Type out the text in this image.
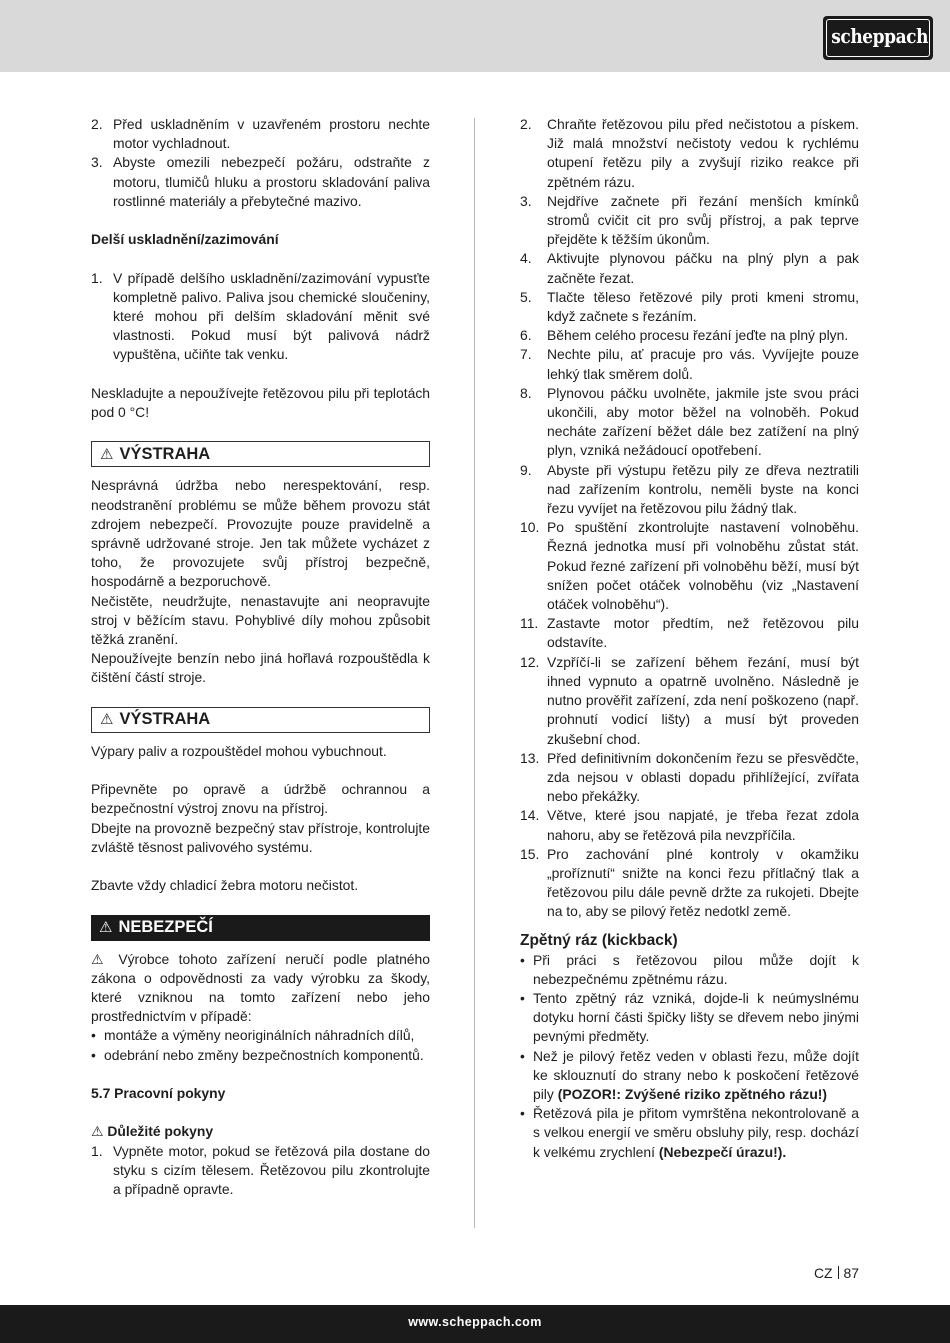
scheppach
2. Před uskladněním v uzavřeném prostoru nechte motor vychladnout.
3. Abyste omezili nebezpečí požáru, odstraňte z motoru, tlumičů hluku a prostoru skladování paliva rostlinné materiály a přebytečné mazivo.
Delší uskladnění/zazimování
1. V případě delšího uskladnění/zazimování vypusťte kompletně palivo. Paliva jsou chemické sloučeniny, které mohou při delším skladování měnit své vlastnosti. Pokud musí být palivová nádrž vypuštěna, učiňte tak venku.
Neskladujte a nepoužívejte řetězovou pilu při teplotách pod 0 °C!
⚠ VÝSTRAHA
Nesprávná údržba nebo nerespektování, resp. neodstranění problému se může během provozu stát zdrojem nebezpečí. Provozujte pouze pravidelně a správně udržované stroje. Jen tak můžete vycházet z toho, že provozujete svůj přístroj bezpečně, hospodárně a bezporuchově.
Nečistěte, neudržujte, nenastavujte ani neopravujte stroj v běžícím stavu. Pohyblivé díly mohou způsobit těžká zranění.
Nepoužívejte benzín nebo jiná hořlavá rozpouštědla k čištění částí stroje.
⚠ VÝSTRAHA
Výpary paliv a rozpouštědel mohou vybuchnout.
Připevněte po opravě a údržbě ochrannou a bezpečnostní výstroj znovu na přístroj.
Dbejte na provozně bezpečný stav přístroje, kontrolujte zvláště těsnost palivového systému.
Zbavte vždy chladicí žebra motoru nečistot.
⚠ NEBEZPEČÍ
⚠ Výrobce tohoto zařízení neručí podle platného zákona o odpovědnosti za vady výrobku za škody, které vzniknou na tomto zařízení nebo jeho prostřednictvím v případě:
• montáže a výměny neoriginálních náhradních dílů,
• odebrání nebo změny bezpečnostních komponentů.
5.7 Pracovní pokyny
⚠ Důležité pokyny
1. Vypněte motor, pokud se řetězová pila dostane do styku s cizím tělesem. Řetězovou pilu zkontrolujte a případně opravte.
2.	Chraňte řetězovou pilu před nečistotou a pískem. Již malá množství nečistoty vedou k rychlému otupení řetězu pily a zvyšují riziko reakce při zpětném rázu.
3.	Nejdříve začnete při řezání menších kmínků stromů cvičit cit pro svůj přístroj, a pak teprve přejděte k těžším úkonům.
4.	Aktivujte plynovou páčku na plný plyn a pak začněte řezat.
5.	Tlačte těleso řetězové pily proti kmeni stromu, když začnete s řezáním.
6.	Během celého procesu řezání jeďte na plný plyn.
7.	Nechte pilu, ať pracuje pro vás. Vyvíjejte pouze lehký tlak směrem dolů.
8.	Plynovou páčku uvolněte, jakmile jste svou práci ukončili, aby motor běžel na volnoběh. Pokud necháte zařízení běžet dále bez zatížení na plný plyn, vzniká nežádoucí opotřebení.
9.	Abyste při výstupu řetězu pily ze dřeva neztratili nad zařízením kontrolu, neměli byste na konci řezu vyvíjet na řetězovou pilu žádný tlak.
10. Po spuštění zkontrolujte nastavení volnoběhu. Řezná jednotka musí při volnoběhu zůstat stát. Pokud řezné zařízení při volnoběhu běží, musí být snížen počet otáček volnoběhu (viz „Nastavení otáček volnoběhu“).
11. Zastavte motor předtím, než řetězovou pilu odstavíte.
12. Vzpříčí-li se zařízení během řezání, musí být ihned vypnuto a opatrně uvolněno. Následně je nutno prověřit zařízení, zda není poškozeno (např. prohnutí vodicí lišty) a musí být proveden zkušební chod.
13. Před definitivním dokončením řezu se přesvědčte, zda nejsou v oblasti dopadu přihlížející, zvířata nebo překážky.
14. Větve, které jsou napjaté, je třeba řezat zdola nahoru, aby se řetězová pila nevzpříčila.
15. Pro zachování plné kontroly v okamžiku „proříznutí“ snižte na konci řezu přítlačný tlak a řetězovou pilu dále pevně držte za rukojeti. Dbejte na to, aby se pilový řetěz nedotkl země.
Zpětný ráz (kickback)
• Při práci s řetězovou pilou může dojít k nebezpečnému zpětnému rázu.
• Tento zpětný ráz vzniká, dojde-li k neúmyslnému dotyku horní části špičky lišty se dřevem nebo jinými pevnými předměty.
• Než je pilový řetěz veden v oblasti řezu, může dojít ke sklouznutí do strany nebo k poskočení řetězové pily (POZOR!: Zvýšené riziko zpětného rázu!)
• Řetězová pila je přitom vymrštěna nekontrolovaně a s velkou energií ve směru obsluhy pily, resp. dochází k velkému zrychlení (Nebezpečí úrazu!).
CZ 87
www.scheppach.com
